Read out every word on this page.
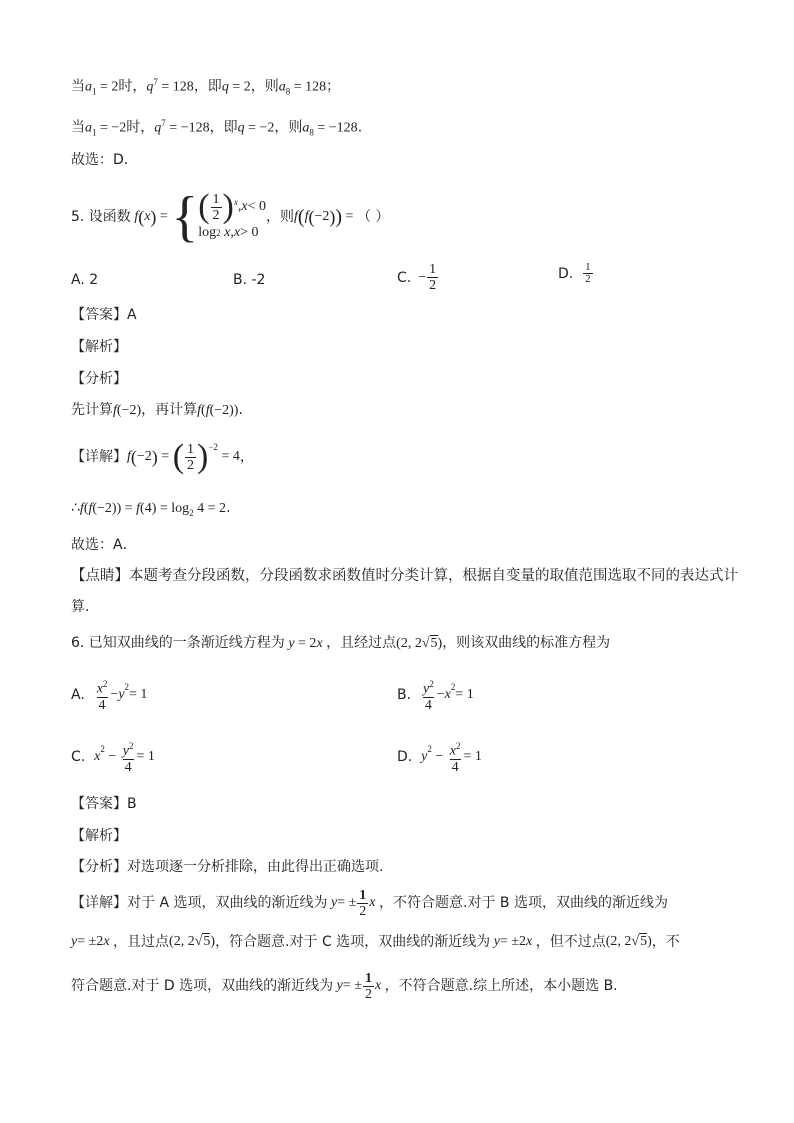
当$a_1 = 2$时，$q^7 = 128$，即q = 2，则$a_8 = 128$；
当$a_1 = -2$时，$q^7 = -128$，即q = −2，则$a_8 = -128$.
故选：D．
5. 设函数 f ( x ) = { ( $\frac{1}{2} )^x$ , x < 0
log 2 x , x > 0
，则 f ( f ( −2 ) ) = （ ）
A. 2	B. -2	C. − $\frac{1}{2}$	D.
$\frac{1}{2}$
【答案】A
【解析】
【分析】
先计算f(−2)，再计算f(f(−2)).
【详解】 f ( −2 ) = ( $\frac{1}{2} )^{-2}$
= 4 ，
∴f(f(−2)) = $f(4) = \log_2 4 = 2$.
故选：A．
【点睛】本题考查分段函数，分段函数求函数值时分类计算，根据自变量的取值范围选取不同的表达式计
算．
6. 已知双曲线的一条渐近线方程为 y = 2x ，且经过点(2, 2√5)，则该双曲线的标准方程为
A.
$\frac{x^2}{4} - y^2 = 1$	B.
$\frac{y^2}{4} - x^2 = 1$
C.
$x^2 - \frac{y^2}{4} = 1$	D.
$y^2 - \frac{x^2}{4} = 1$
【答案】B
【解析】
【分析】对选项逐一分析排除，由此得出正确选项.
【详解】对于 A 选项，双曲线的渐近线为 y = ± $\frac{1}{2}$ x ，不符合题意.对于 B 选项，双曲线的渐近线为
y = ±2 x ，且过点 (2, 2√5) ，符合题意.对于 C 选项，双曲线的渐近线为 y = ±2 x ，但不过点 (2, 2√5) ，不
符合题意.对于 D 选项，双曲线的渐近线为 y = ± $\frac{1}{2}$ x ，不符合题意.综上所述，本小题选 B.
